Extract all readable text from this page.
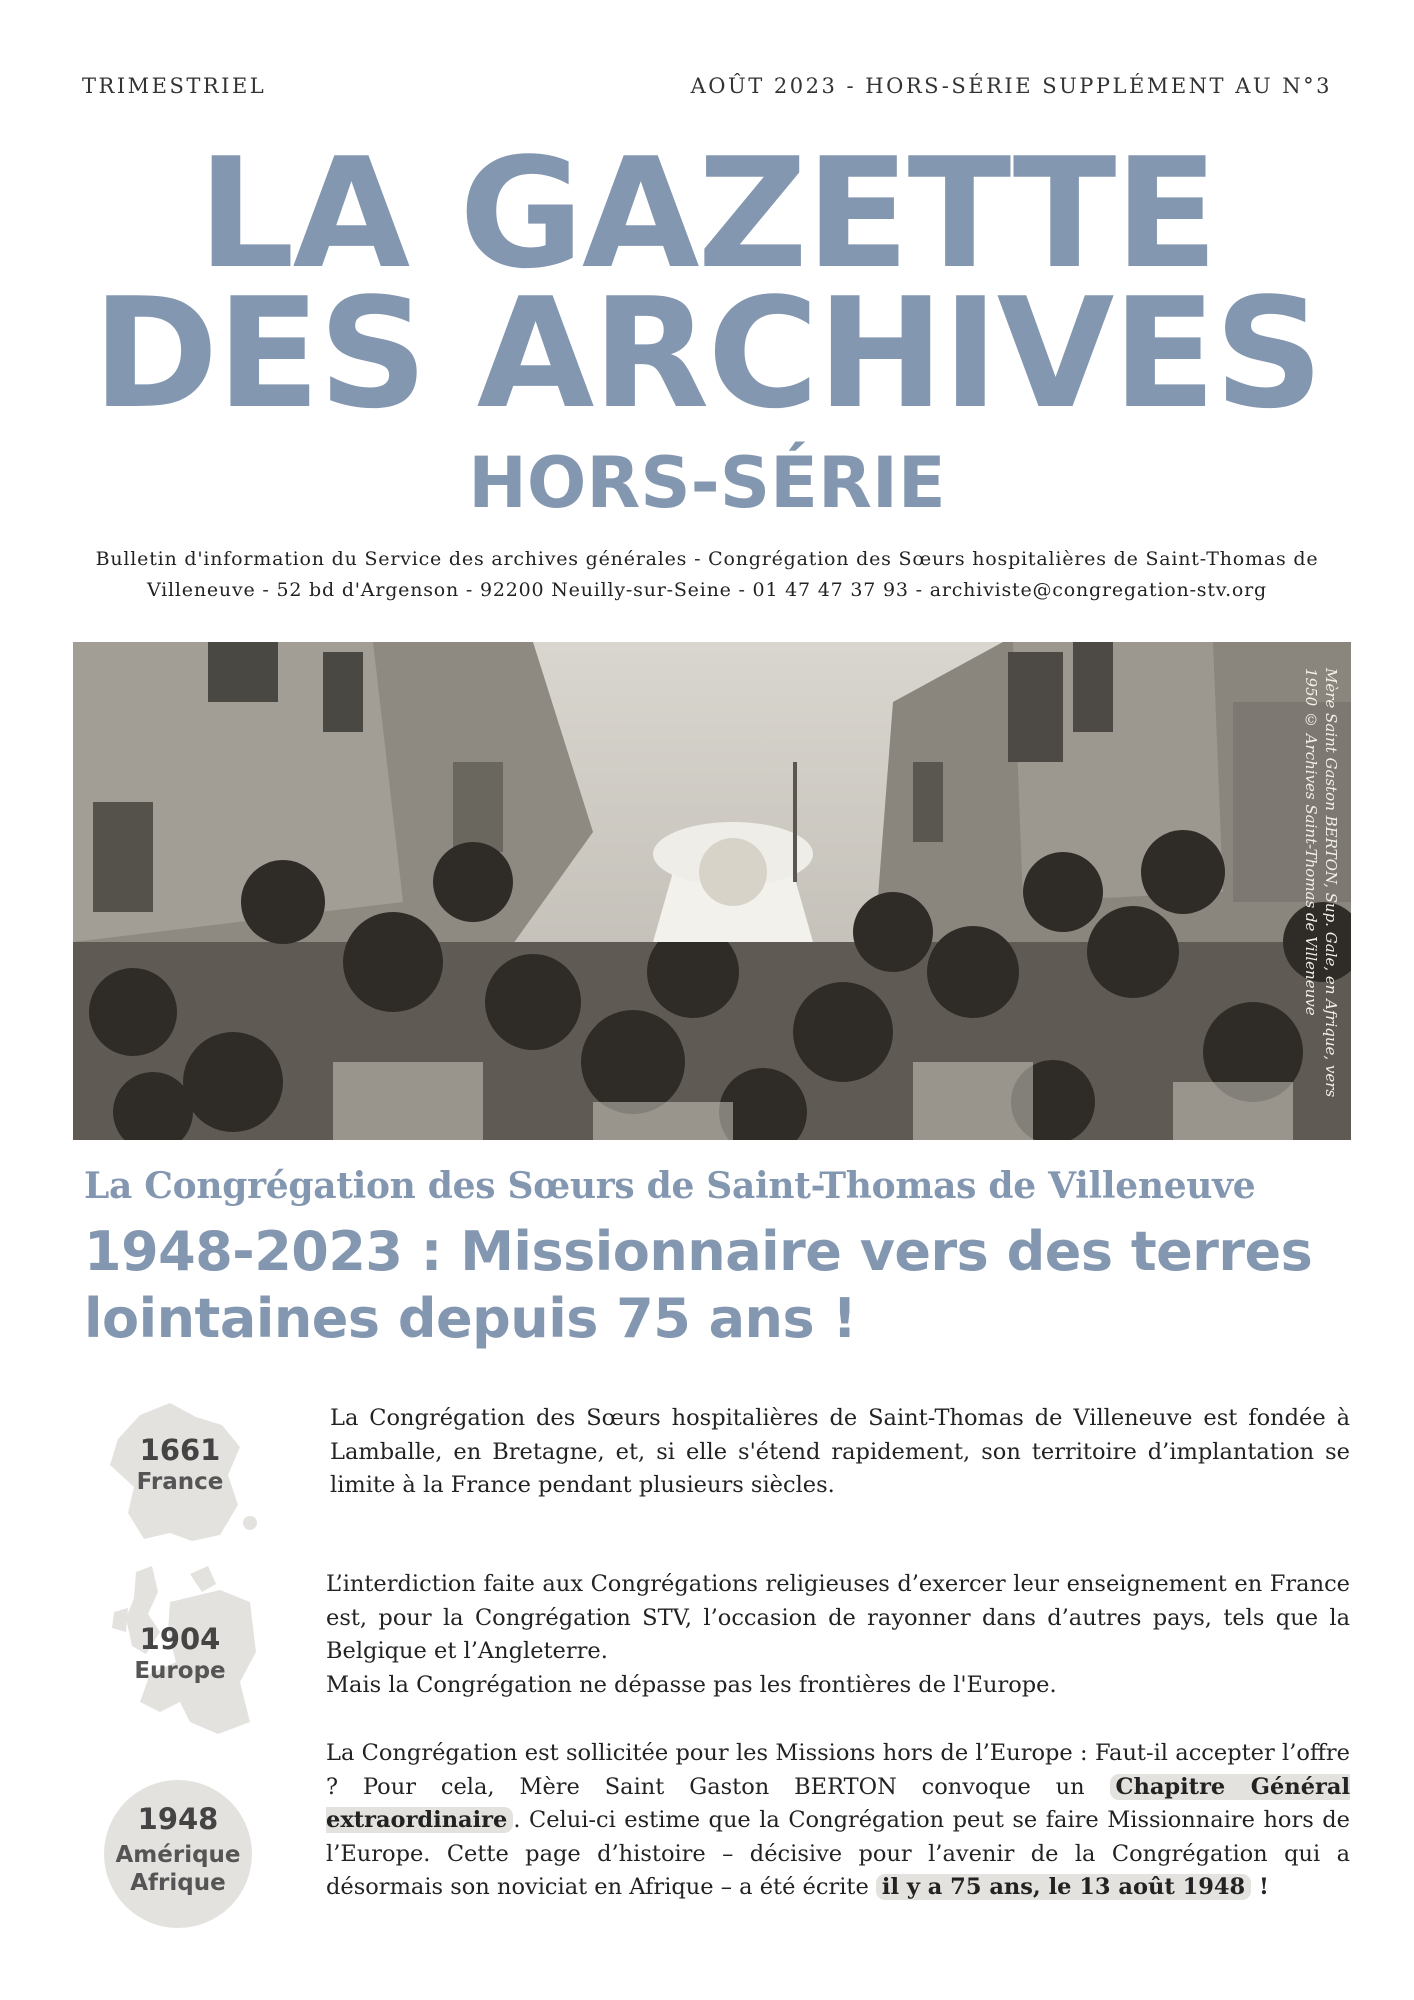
TRIMESTRIEL	AOÛT 2023 - HORS-SÉRIE SUPPLÉMENT AU N°3
LA GAZETTE
DES ARCHIVES
HORS-SÉRIE
Bulletin d'information du Service des archives générales - Congrégation des Sœurs hospitalières de Saint-Thomas de Villeneuve - 52 bd d'Argenson - 92200 Neuilly-sur-Seine - 01 47 47 37 93 - archiviste@congregation-stv.org
Mère Saint Gaston BERTON, Sup. Gale, en Afrique, vers 1950 © Archives Saint-Thomas de Villeneuve
La Congrégation des Sœurs de Saint-Thomas de Villeneuve
1948-2023 : Missionnaire vers des terres lointaines depuis 75 ans !
1661
France
La Congrégation des Sœurs hospitalières de Saint-Thomas de Villeneuve est fondée à Lamballe, en Bretagne, et, si elle s'étend rapidement, son territoire d’implantation se limite à la France pendant plusieurs siècles.
1904
Europe
L’interdiction faite aux Congrégations religieuses d’exercer leur enseignement en France est, pour la Congrégation STV, l’occasion de rayonner dans d’autres pays, tels que la Belgique et l’Angleterre.
Mais la Congrégation ne dépasse pas les frontières de l'Europe.
1948
Amérique
Afrique
La Congrégation est sollicitée pour les Missions hors de l’Europe : Faut-il accepter l’offre ? Pour cela, Mère Saint Gaston BERTON convoque un Chapitre Général extraordinaire . Celui-ci estime que la Congrégation peut se faire Missionnaire hors de l’Europe. Cette page d’histoire – décisive pour l’avenir de la Congrégation qui a désormais son noviciat en Afrique – a été écrite il y a 75 ans, le 13 août 1948 !
